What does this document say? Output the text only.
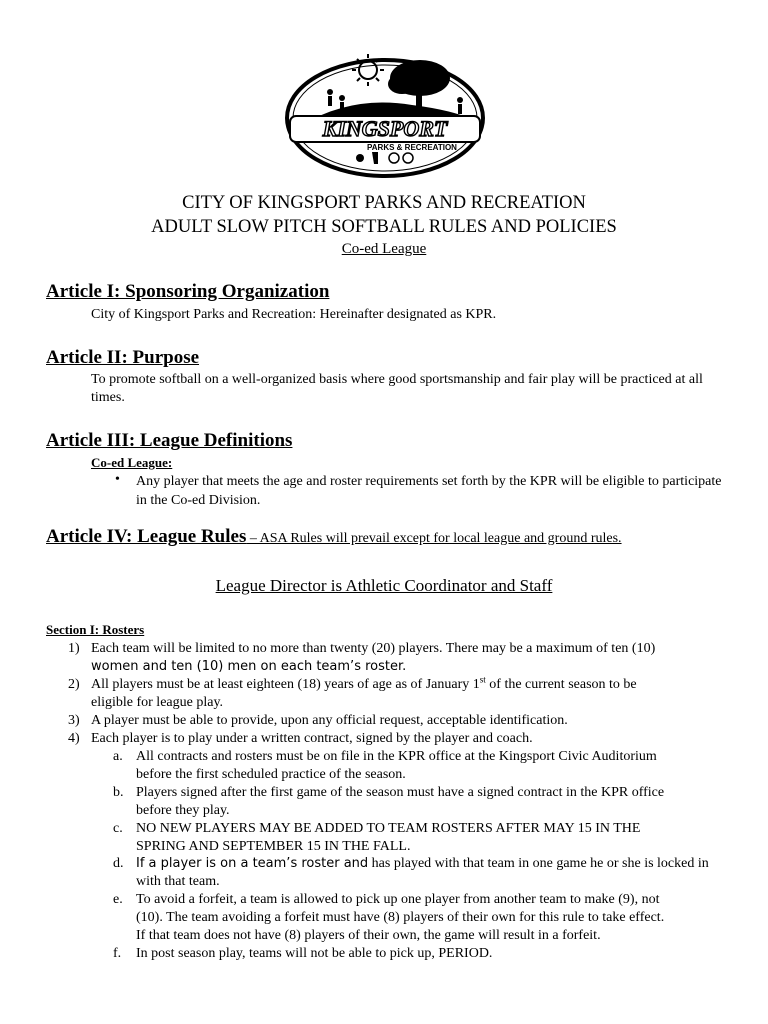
KINGSPORT
PARKS & RECREATION
CITY OF KINGSPORT PARKS AND RECREATION
ADULT SLOW PITCH SOFTBALL RULES AND POLICIES
Co-ed League
Article I: Sponsoring Organization
City of Kingsport Parks and Recreation: Hereinafter designated as KPR.
Article II: Purpose
To promote softball on a well-organized basis where good sportsmanship and fair play will be practiced at all times.
Article III: League Definitions
Co-ed League:
• Any player that meets the age and roster requirements set forth by the KPR will be eligible to participate in the Co-ed Division.
Article IV: League Rules – ASA Rules will prevail except for local league and ground rules.
League Director is Athletic Coordinator and Staff
Section I: Rosters
1) Each team will be limited to no more than twenty (20) players. There may be a maximum of ten (10)
women and ten (10) men on each team’s roster.
2) All players must be at least eighteen (18) years of age as of January 1st of the current season to be
eligible for league play.
3) A player must be able to provide, upon any official request, acceptable identification.
4) Each player is to play under a written contract, signed by the player and coach.
a. All contracts and rosters must be on file in the KPR office at the Kingsport Civic Auditorium
before the first scheduled practice of the season.
b. Players signed after the first game of the season must have a signed contract in the KPR office
before they play.
c. NO NEW PLAYERS MAY BE ADDED TO TEAM ROSTERS AFTER MAY 15 IN THE
SPRING AND SEPTEMBER 15 IN THE FALL.
d. If a player is on a team’s roster and has played with that team in one game he or she is locked in
with that team.
e. To avoid a forfeit, a team is allowed to pick up one player from another team to make (9), not
(10). The team avoiding a forfeit must have (8) players of their own for this rule to take effect.
If that team does not have (8) players of their own, the game will result in a forfeit.
f. In post season play, teams will not be able to pick up, PERIOD.
